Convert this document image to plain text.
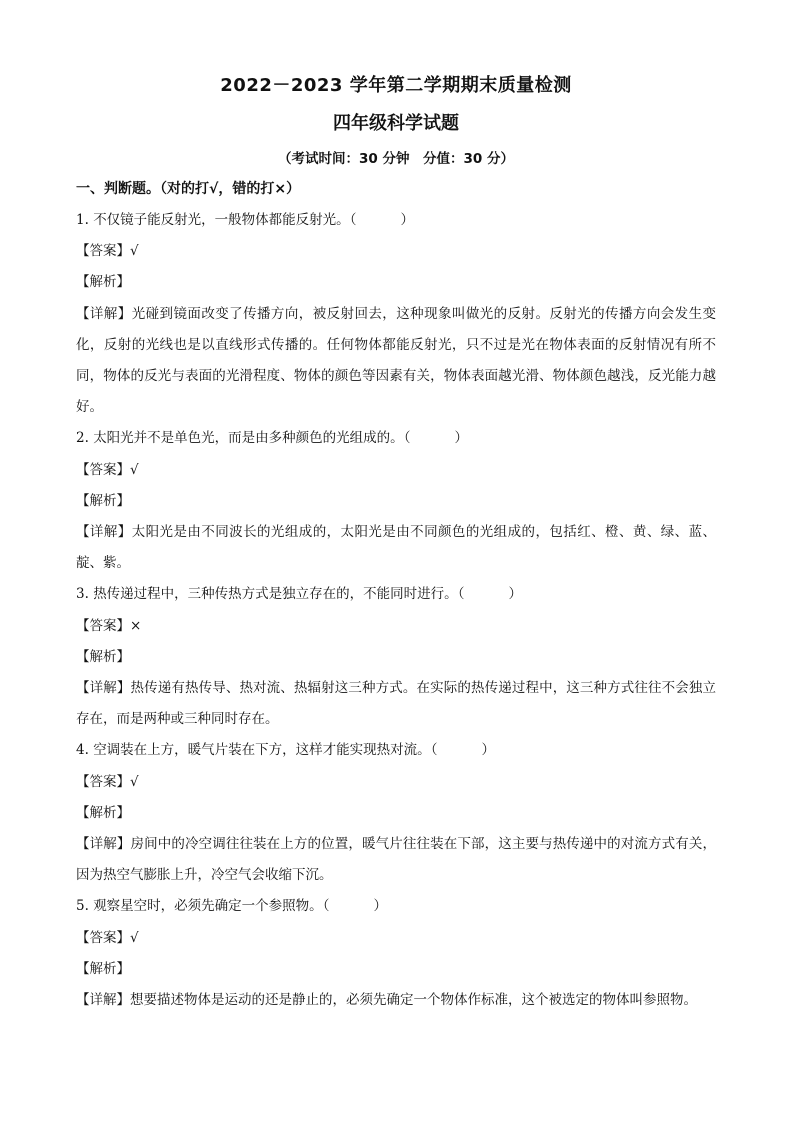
2022－2023 学年第二学期期末质量检测
四年级科学试题
（考试时间：30 分钟　分值：30 分）
一、判断题。（对的打√，错的打×）
1. 不仅镜子能反射光，一般物体都能反射光。（	）
【答案】√
【解析】
【详解】光碰到镜面改变了传播方向，被反射回去，这种现象叫做光的反射。反射光的传播方向会发生变化，反射的光线也是以直线形式传播的。任何物体都能反射光，只不过是光在物体表面的反射情况有所不同，物体的反光与表面的光滑程度、物体的颜色等因素有关，物体表面越光滑、物体颜色越浅，反光能力越好。
2. 太阳光并不是单色光，而是由多种颜色的光组成的。（	）
【答案】√
【解析】
【详解】太阳光是由不同波长的光组成的，太阳光是由不同颜色的光组成的，包括红、橙、黄、绿、蓝、靛、紫。
3. 热传递过程中，三种传热方式是独立存在的，不能同时进行。（	）
【答案】×
【解析】
【详解】热传递有热传导、热对流、热辐射这三种方式。在实际的热传递过程中，这三种方式往往不会独立存在，而是两种或三种同时存在。
4. 空调装在上方，暖气片装在下方，这样才能实现热对流。（	）
【答案】√
【解析】
【详解】房间中的冷空调往往装在上方的位置，暖气片往往装在下部，这主要与热传递中的对流方式有关，因为热空气膨胀上升，冷空气会收缩下沉。
5. 观察星空时，必须先确定一个参照物。（	）
【答案】√
【解析】
【详解】想要描述物体是运动的还是静止的，必须先确定一个物体作标准，这个被选定的物体叫参照物。
